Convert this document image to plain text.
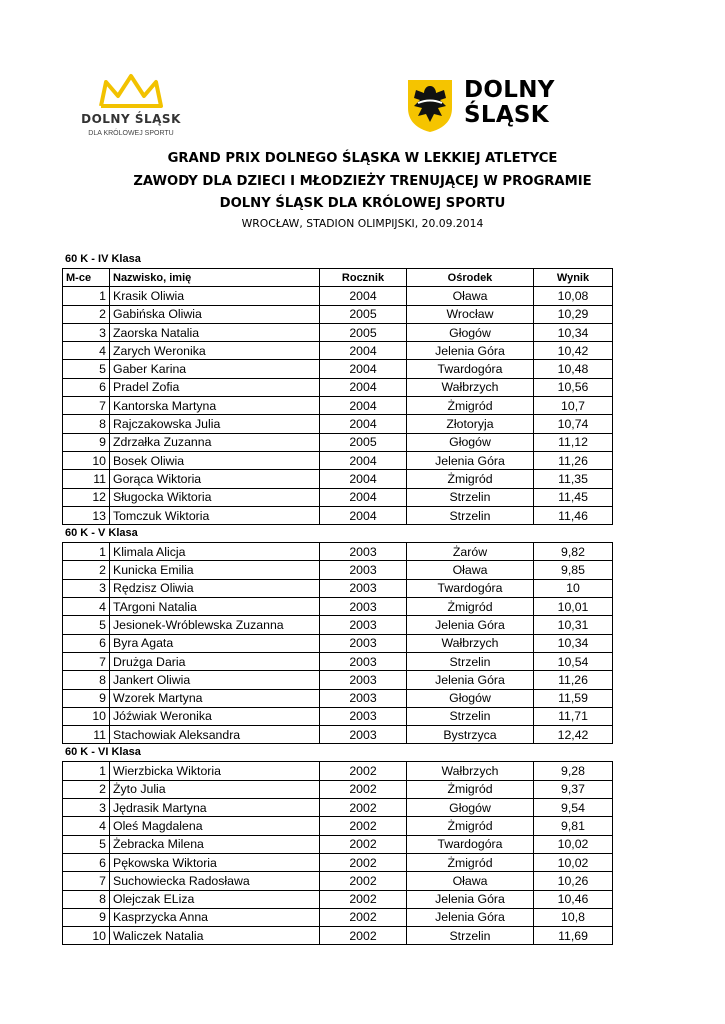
DOLNY ŚLĄSK
DLA KRÓLOWEJ SPORTU
DOLNY
ŚLĄSK
GRAND PRIX DOLNEGO ŚLĄSKA W LEKKIEJ ATLETYCE
ZAWODY DLA DZIECI I MŁODZIEŻY TRENUJĄCEJ W PROGRAMIE
DOLNY ŚLĄSK DLA KRÓLOWEJ SPORTU
WROCŁAW, STADION OLIMPIJSKI, 20.09.2014
60 K - IV Klasa
M-ce	Nazwisko, imię	Rocznik	Ośrodek	Wynik
1	Krasik Oliwia	2004	Oława	10,08
2	Gabińska Oliwia	2005	Wrocław	10,29
3	Zaorska Natalia	2005	Głogów	10,34
4	Zarych Weronika	2004	Jelenia Góra	10,42
5	Gaber Karina	2004	Twardogóra	10,48
6	Pradel Zofia	2004	Wałbrzych	10,56
7	Kantorska Martyna	2004	Żmigród	10,7
8	Rajczakowska Julia	2004	Złotoryja	10,74
9	Zdrzałka Zuzanna	2005	Głogów	11,12
10	Bosek Oliwia	2004	Jelenia Góra	11,26
11	Gorąca Wiktoria	2004	Żmigród	11,35
12	Sługocka Wiktoria	2004	Strzelin	11,45
13	Tomczuk Wiktoria	2004	Strzelin	11,46
60 K - V Klasa
1	Klimala Alicja	2003	Żarów	9,82
2	Kunicka Emilia	2003	Oława	9,85
3	Rędzisz Oliwia	2003	Twardogóra	10
4	TArgoni Natalia	2003	Żmigród	10,01
5	Jesionek-Wróblewska Zuzanna	2003	Jelenia Góra	10,31
6	Byra Agata	2003	Wałbrzych	10,34
7	Drużga Daria	2003	Strzelin	10,54
8	Jankert Oliwia	2003	Jelenia Góra	11,26
9	Wzorek Martyna	2003	Głogów	11,59
10	Jóźwiak Weronika	2003	Strzelin	11,71
11	Stachowiak Aleksandra	2003	Bystrzyca	12,42
60 K - VI Klasa
1	Wierzbicka Wiktoria	2002	Wałbrzych	9,28
2	Żyto Julia	2002	Żmigród	9,37
3	Jędrasik Martyna	2002	Głogów	9,54
4	Oleś Magdalena	2002	Żmigród	9,81
5	Żebracka Milena	2002	Twardogóra	10,02
6	Pękowska Wiktoria	2002	Żmigród	10,02
7	Suchowiecka Radosława	2002	Oława	10,26
8	Olejczak ELiza	2002	Jelenia Góra	10,46
9	Kasprzycka Anna	2002	Jelenia Góra	10,8
10	Waliczek Natalia	2002	Strzelin	11,69
